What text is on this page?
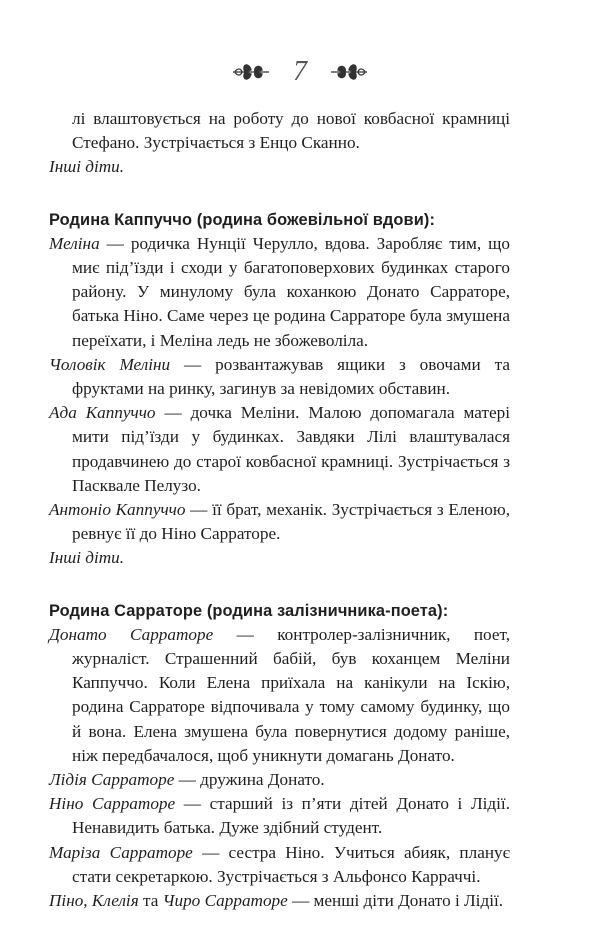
7

лі влаштовується на роботу до нової ковбасної крамниці Стефано. Зустрічається з Енцо Сканно.

Інші діти.

Родина Каппуччо (родина божевільної вдови):

Меліна — родичка Нунції Черулло, вдова. Заробляє тим, що миє під’їзди і сходи у багатоповерхових будинках старого району. У минулому була коханкою Донато Сарраторе, батька Ніно. Саме через це родина Сарраторе була змушена переїхати, і Меліна ледь не збожеволіла.

Чоловік Меліни — розвантажував ящики з овочами та фруктами на ринку, загинув за невідомих обставин.

Ада Каппуччо — дочка Меліни. Малою допомагала матері мити під’їзди у будинках. Завдяки Лілі влаштувалася продавчинею до старої ковбасної крамниці. Зустрічається з Пасквале Пелузо.

Антоніо Каппуччо — її брат, механік. Зустрічається з Еленою, ревнує її до Ніно Сарраторе.

Інші діти.

Родина Сарраторе (родина залізничника-поета):

Донато Сарраторе — контролер-залізничник, поет, журналіст. Страшенний бабій, був коханцем Меліни Каппуччо. Коли Елена приїхала на канікули на Іскію, родина Сарраторе відпочивала у тому самому будинку, що й вона. Елена змушена була повернутися додому раніше, ніж передбачалося, щоб уникнути домагань Донато.

Лідія Сарраторе — дружина Донато.

Ніно Сарраторе — старший із п’яти дітей Донато і Лідії. Ненавидить батька. Дуже здібний студент.

Маріза Сарраторе — сестра Ніно. Учиться абияк, планує стати секретаркою. Зустрічається з Альфонсо Карраччі.

Піно, Клелія та Чиро Сарраторе — менші діти Донато і Лідії.
